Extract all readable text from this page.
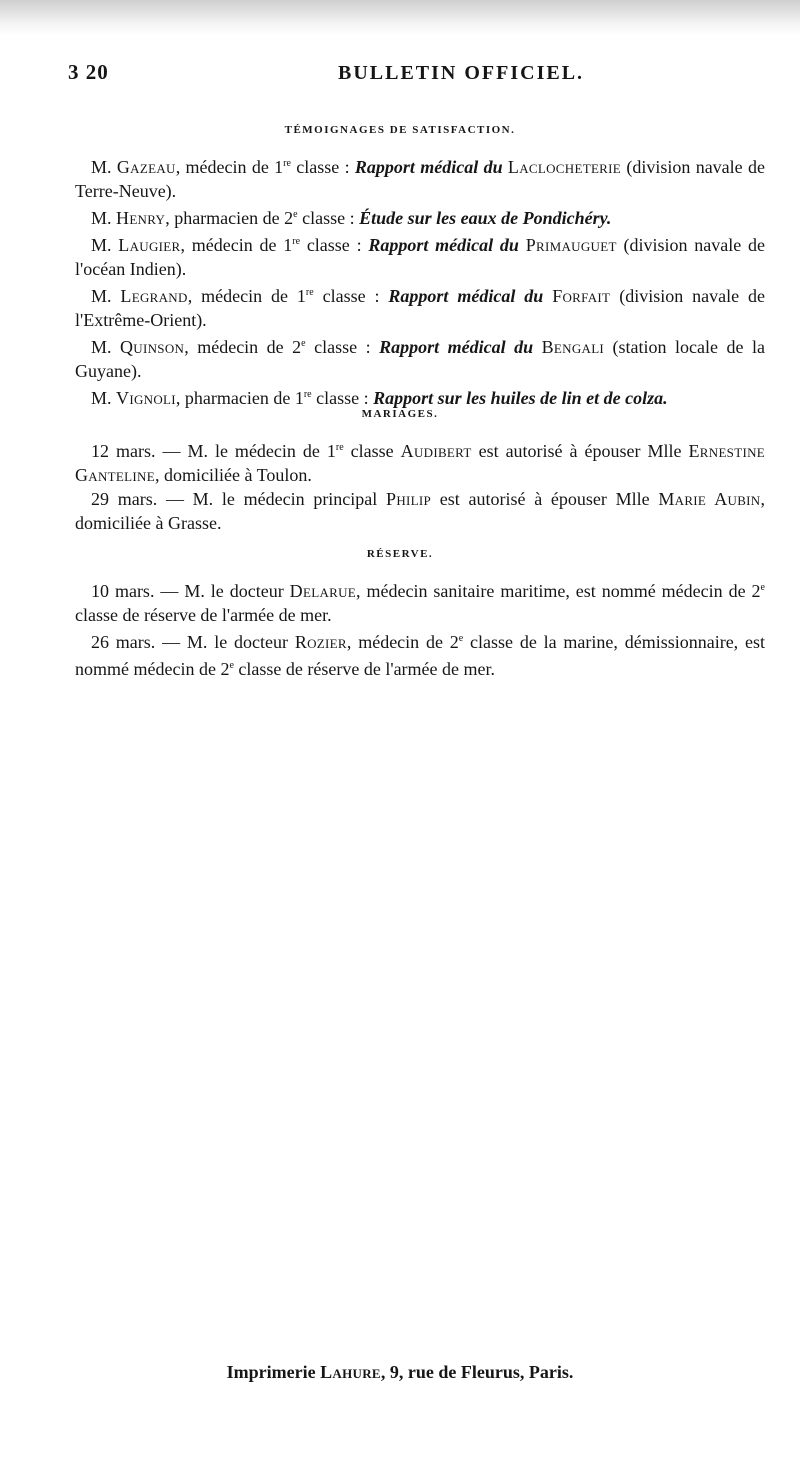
3 20	BULLETIN OFFICIEL.
TÉMOIGNAGES DE SATISFACTION.

M. Gazeau, médecin de 1re classe : Rapport médical du Laclocheterie (division navale de Terre-Neuve).

M. Henry, pharmacien de 2e classe : Étude sur les eaux de Pondichéry.

M. Laugier, médecin de 1re classe : Rapport médical du Primauguet (division navale de l'océan Indien).

M. Legrand, médecin de 1re classe : Rapport médical du Forfait (division navale de l'Extrême-Orient).

M. Quinson, médecin de 2e classe : Rapport médical du Bengali (station locale de la Guyane).

M. Vignoli, pharmacien de 1re classe : Rapport sur les huiles de lin et de colza.

MARIAGES.

12 mars. — M. le médecin de 1re classe Audibert est autorisé à épouser Mlle Ernestine Ganteline, domiciliée à Toulon.

29 mars. — M. le médecin principal Philip est autorisé à épouser Mlle Marie Aubin, domiciliée à Grasse.

RÉSERVE.

10 mars. — M. le docteur Delarue, médecin sanitaire maritime, est nommé médecin de 2e classe de réserve de l'armée de mer.

26 mars. — M. le docteur Rozier, médecin de 2e classe de la marine, démissionnaire, est nommé médecin de 2e classe de réserve de l'armée de mer.

Imprimerie Lahure, 9, rue de Fleurus, Paris.
